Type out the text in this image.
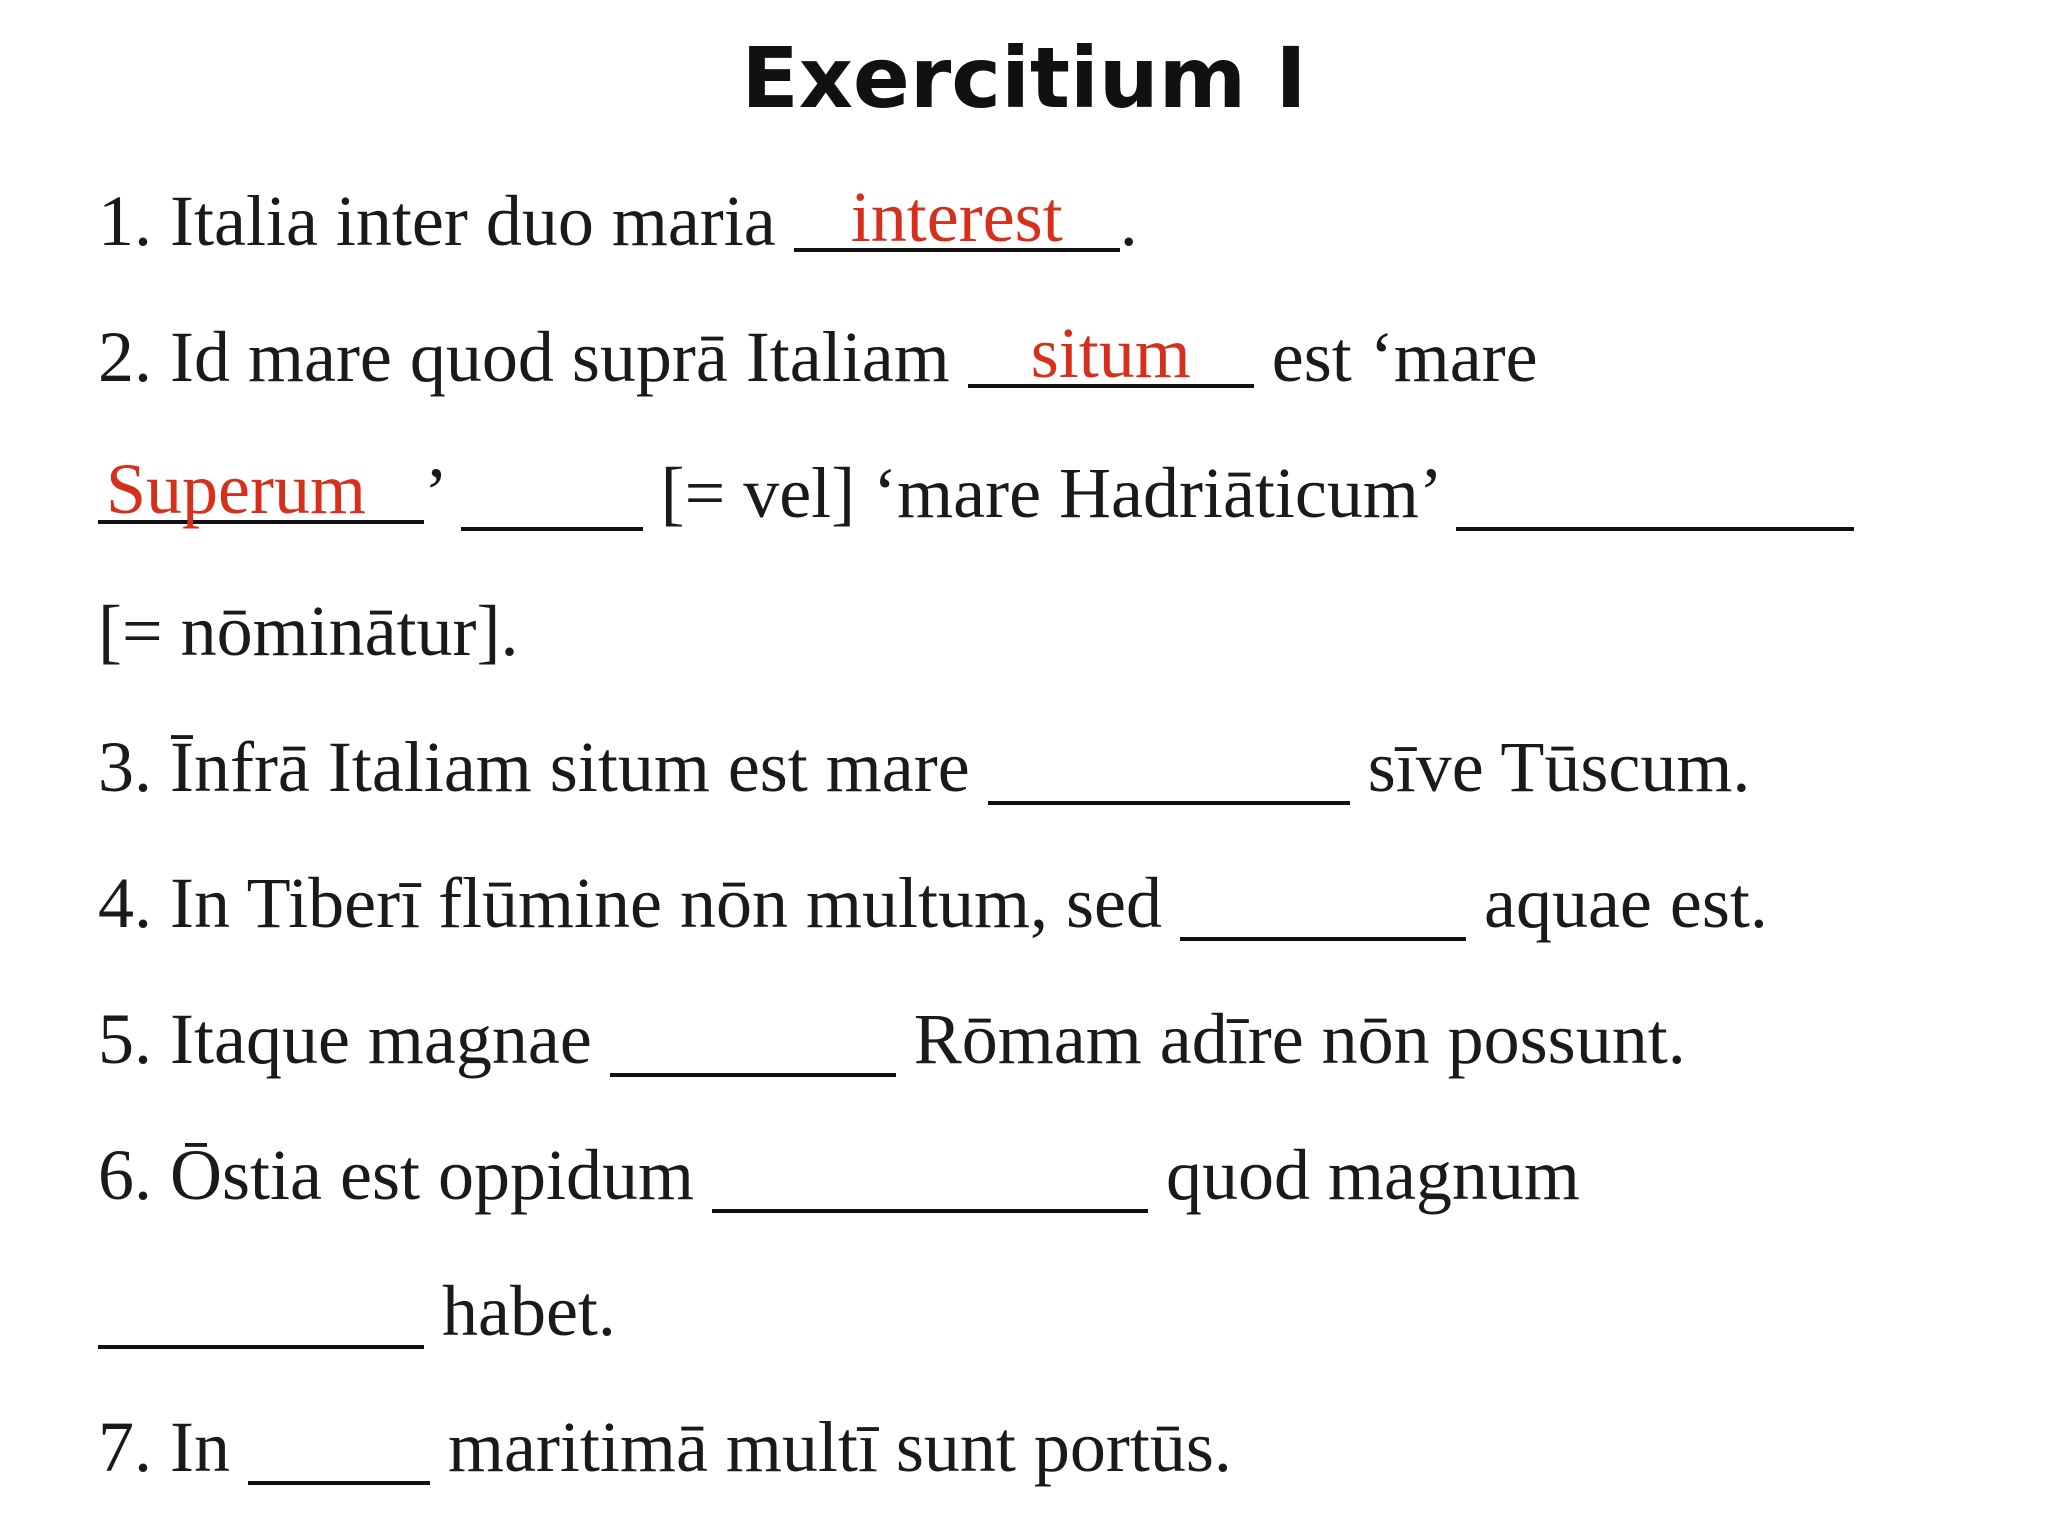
Exercitium I
1. Italia inter duo maria interest .
2. Id mare quod suprā Italiam situm est ‘mare
Superum ’	[= vel] ‘mare Hadriāticum’
[= nōminātur].
3. Īnfrā Italiam situm est mare	sīve Tūscum.
4. In Tiberī flūmine nōn multum, sed	aquae est.
5. Itaque magnae	Rōmam adīre nōn possunt.
6. Ōstia est oppidum	quod magnum
habet.
7. In	maritimā multī sunt portūs.
